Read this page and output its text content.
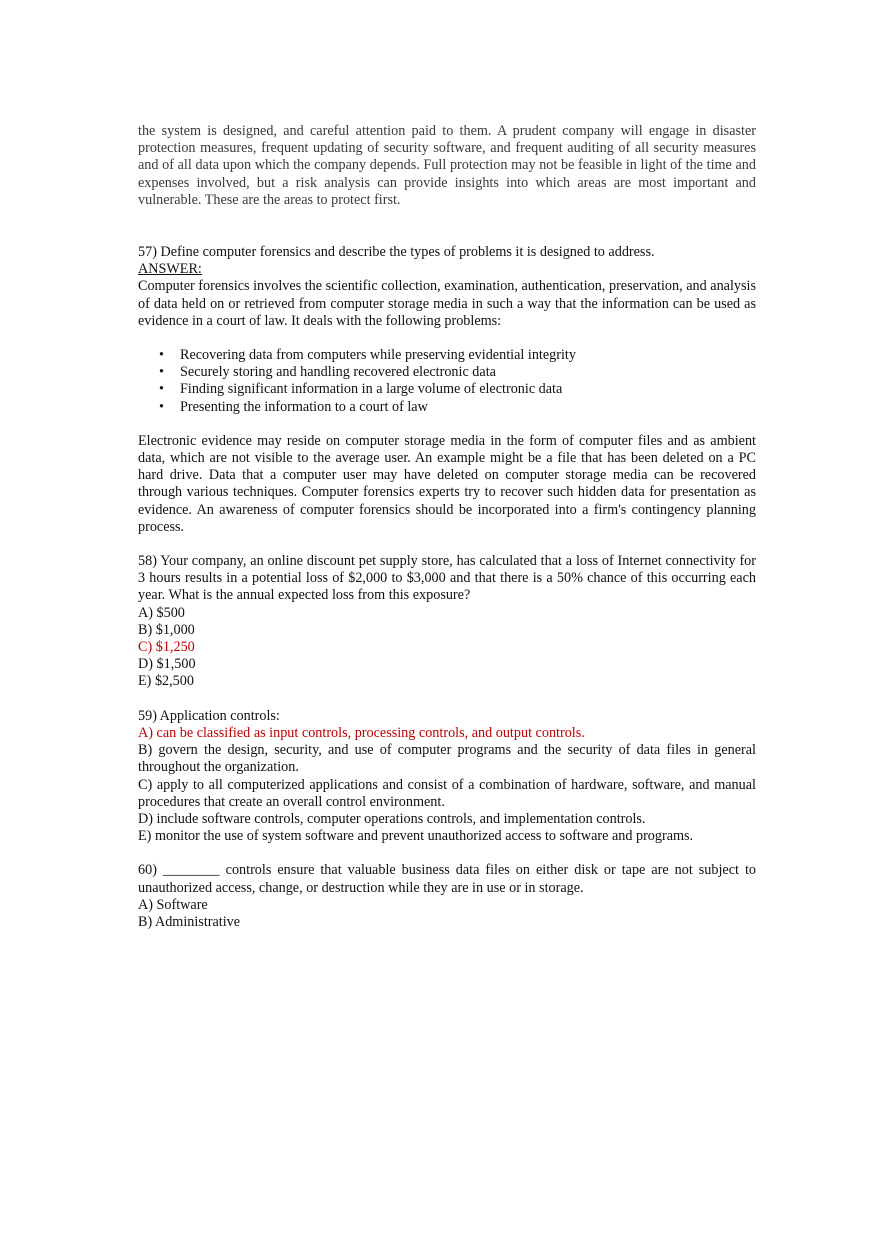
the system is designed, and careful attention paid to them. A prudent company will engage in disaster protection measures, frequent updating of security software, and frequent auditing of all security measures and of all data upon which the company depends. Full protection may not be feasible in light of the time and expenses involved, but a risk analysis can provide insights into which areas are most important and vulnerable. These are the areas to protect first.

57) Define computer forensics and describe the types of problems it is designed to address.

ANSWER:

Computer forensics involves the scientific collection, examination, authentication, preservation, and analysis of data held on or retrieved from computer storage media in such a way that the information can be used as evidence in a court of law. It deals with the following problems:

• Recovering data from computers while preserving evidential integrity
• Securely storing and handling recovered electronic data
• Finding significant information in a large volume of electronic data
• Presenting the information to a court of law

Electronic evidence may reside on computer storage media in the form of computer files and as ambient data, which are not visible to the average user. An example might be a file that has been deleted on a PC hard drive. Data that a computer user may have deleted on computer storage media can be recovered through various techniques. Computer forensics experts try to recover such hidden data for presentation as evidence. An awareness of computer forensics should be incorporated into a firm's contingency planning process.

58) Your company, an online discount pet supply store, has calculated that a loss of Internet connectivity for 3 hours results in a potential loss of $2,000 to $3,000 and that there is a 50% chance of this occurring each year. What is the annual expected loss from this exposure?

A) $500

B) $1,000

C) $1,250

D) $1,500

E) $2,500

59) Application controls:

A) can be classified as input controls, processing controls, and output controls.

B) govern the design, security, and use of computer programs and the security of data files in general throughout the organization.

C) apply to all computerized applications and consist of a combination of hardware, software, and manual procedures that create an overall control environment.

D) include software controls, computer operations controls, and implementation controls.

E) monitor the use of system software and prevent unauthorized access to software and programs.

60) ________ controls ensure that valuable business data files on either disk or tape are not subject to unauthorized access, change, or destruction while they are in use or in storage.

A) Software

B) Administrative
